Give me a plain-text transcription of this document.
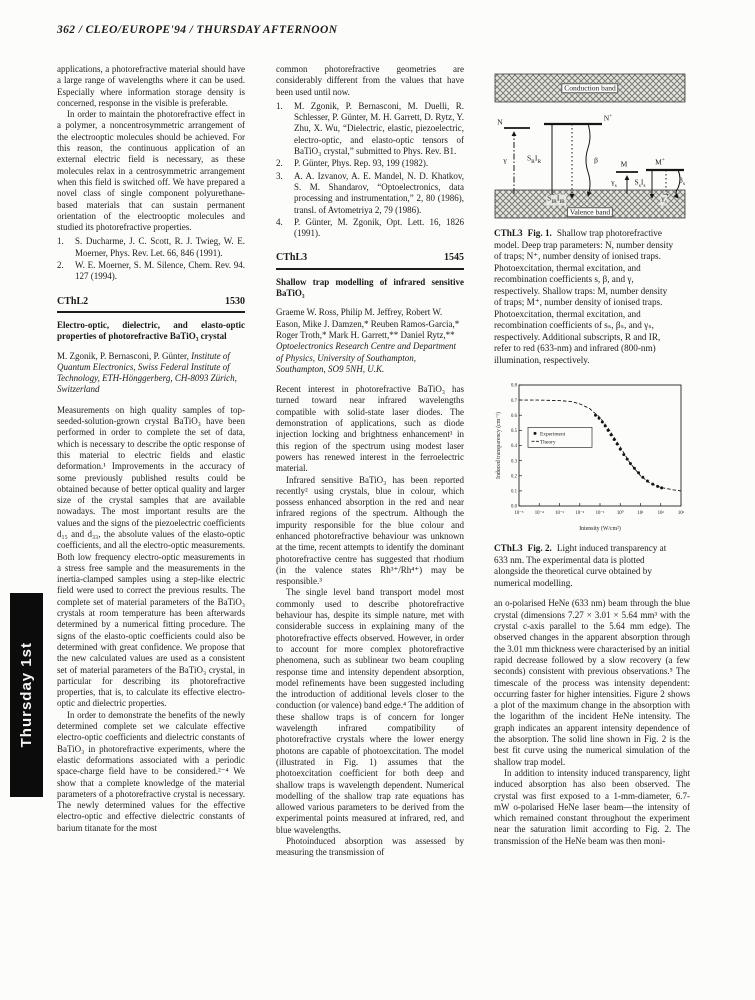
362 / CLEO/EUROPE'94 / THURSDAY AFTERNOON
Thursday 1st

applications, a photorefractive material should have a large range of wavelengths where it can be used. Especially where information storage density is concerned, response in the visible is preferable.

In order to maintain the photorefractive effect in a polymer, a noncentrosymmetric arrangement of the electrooptic molecules should be achieved. For this reason, the continuous application of an external electric field is necessary, as these molecules relax in a centrosymmetric arrangement when this field is switched off. We have prepared a novel class of single component polyurethane-based materials that can sustain permanent orientation of the electrooptic molecules and studied its photorefractive properties.

1.	S. Ducharme, J. C. Scott, R. J. Twieg, W. E. Moerner, Phys. Rev. Let. 66, 846 (1991).
2.	W. E. Moerner, S. M. Silence, Chem. Rev. 94. 127 (1994).
CThL2	1530
Electro-optic, dielectric, and elasto-optic properties of photorefractive BaTiO₃ crystal
M. Zgonik, P. Bernasconi, P. Günter, Institute of Quantum Electronics, Swiss Federal Institute of Technology, ETH-Hönggerberg, CH-8093 Zürich, Switzerland

Measurements on high quality samples of top-seeded-solution-grown crystal BaTiO₃ have been performed in order to complete the set of data, which is necessary to describe the optic response of this material to electric fields and elastic deformation.¹ Improvements in the accuracy of some previously published results could be obtained because of better optical quality and larger size of the crystal samples that are available nowadays. The most important results are the values and the signs of the piezoelectric coefficients d₁₅ and d₃₃, the absolute values of the elasto-optic coefficients, and all the electro-optic measurements. Both low frequency electro-optic measurements in a stress free sample and the measurements in the inertia-clamped samples using a step-like electric field were used to correct the previous results. The complete set of material parameters of the BaTiO₃ crystals at room temperature has been afterwards determined by a numerical fitting procedure. The signs of the elasto-optic coefficients could also be determined with great confidence. We propose that the new calculated values are used as a consistent set of material parameters of the BaTiO₃ crystal, in particular for describing its photorefractive properties, that is, to calculate its effective electro-optic and dielectric properties.

In order to demonstrate the benefits of the newly determined complete set we calculate effective electro-optic coefficients and dielectric constants of BaTiO₃ in photorefractive experiments, where the elastic deformations associated with a periodic space-charge field have to be considered.²⁻⁴ We show that a complete knowledge of the material parameters of a photorefractive crystal is necessary. The newly determined values for the effective electro-optic and effective dielectric constants of barium titanate for the most

common photorefractive geometries are considerably different from the values that have been used until now.

1.	M. Zgonik, P. Bernasconi, M. Duelli, R. Schlesser, P. Günter, M. H. Garrett, D. Rytz, Y. Zhu, X. Wu, “Dielectric, elastic, piezoelectric, electro-optic, and elasto-optic tensors of BaTiO₃ crystal,” submitted to Phys. Rev. B1.
2.	P. Günter, Phys. Rep. 93, 199 (1982).
3.	A. A. Izvanov, A. E. Mandel, N. D. Khatkov, S. M. Shandarov, “Optoelectronics, data processing and instrumentation,” 2, 80 (1986), transl. of Avtometriya 2, 79 (1986).
4.	P. Günter, M. Zgonik, Opt. Lett. 16, 1826 (1991).
CThL3	1545
Shallow trap modelling of infrared sensitive BaTiO₃
Graeme W. Ross, Philip M. Jeffrey, Robert W. Eason, Mike J. Damzen,* Reuben Ramos-Garcia,* Roger Troth,* Mark H. Garrett,** Daniel Rytz,** Optoelectronics Research Centre and Department of Physics, University of Southampton, Southampton, SO9 5NH, U.K.

Recent interest in photorefractive BaTiO₃ has turned toward near infrared wavelengths compatible with solid-state laser diodes. The demonstration of applications, such as diode injection locking and brightness enhancement¹ in this region of the spectrum using modest laser powers has renewed interest in the ferroelectric material.

Infrared sensitive BaTiO₃ has been reported recently² using crystals, blue in colour, which possess enhanced absorption in the red and near infrared regions of the spectrum. Although the impurity responsible for the blue colour and enhanced photorefractive behaviour was unknown at the time, recent attempts to identify the dominant photorefractive centre has suggested that rhodium (in the valence states Rh³⁺/Rh⁴⁺) may be responsible.³

The single level band transport model most commonly used to describe photorefractive behaviour has, despite its simple nature, met with considerable success in explaining many of the photorefractive effects observed. However, in order to account for more complex photorefractive phenomena, such as sublinear two beam coupling response time and intensity dependent absorption, model refinements have been suggested including the introduction of additional levels closer to the conduction (or valence) band edge.⁴ The addition of these shallow traps is of concern for longer wavelength infrared compatibility of photorefractive crystals where the lower energy photons are capable of photoexcitation. The model (illustrated in Fig. 1) assumes that the photoexcitation coefficient for both deep and shallow traps is wavelength dependent. Numerical modelling of the shallow trap rate equations has allowed various parameters to be derived from the experimental points measured at infrared, red, and blue wavelengths.

Photoinduced absorption was assessed by measuring the transmission of

Conduction band
Valence band
N	N+
γ	$S_RI_R$	β	M
$\gamma_s$
M+
$S_sI_s$
$\beta_s$
$S_{IR}I_{IR}$	$\gamma_s$

CThL3 Fig. 1. Shallow trap photorefractive model. Deep trap parameters: N, number density of traps; N⁺, number density of ionised traps. Photoexcitation, thermal excitation, and recombination coefficients s, β, and γ, respectively. Shallow traps: M, number density of traps; M⁺, number density of ionised traps. Photoexcitation, thermal excitation, and recombination coefficients of sₛ, βₛ, and γₛ, respectively. Additional subscripts, R and IR, refer to red (633-nm) and infrared (800-nm) illumination, respectively.

10⁻⁵ 10⁻⁴ 10⁻³ 10⁻² 10⁻¹	10⁰	10¹	10²	10³
0.0
0.1
0.2
0.3
0.4
0.5
0.6
0.7
0.8
Intensity (W/cm²)
Induced transparency (cm⁻¹)	Experiment
Theory

CThL3 Fig. 2. Light induced transparency at 633 nm. The experimental data is plotted alongside the theoretical curve obtained by numerical modelling.

an o-polarised HeNe (633 nm) beam through the blue crystal (dimensions 7.27 × 3.01 × 5.64 mm³ with the crystal c-axis parallel to the 5.64 mm edge). The observed changes in the apparent absorption through the 3.01 mm thickness were characterised by an initial rapid decrease followed by a slow recovery (a few seconds) consistent with previous observations.⁵ The timescale of the process was intensity dependent: occurring faster for higher intensities. Figure 2 shows a plot of the maximum change in the absorption with the logarithm of the incident HeNe intensity. The graph indicates an apparent intensity dependence of the absorption. The solid line shown in Fig. 2 is the best fit curve using the numerical simulation of the shallow trap model.

In addition to intensity induced transparency, light induced absorption has also been observed. The crystal was first exposed to a 1-mm-diameter, 6.7-mW o-polarised HeNe laser beam—the intensity of which remained constant throughout the experiment near the saturation limit according to Fig. 2. The transmission of the HeNe beam was then moni-
